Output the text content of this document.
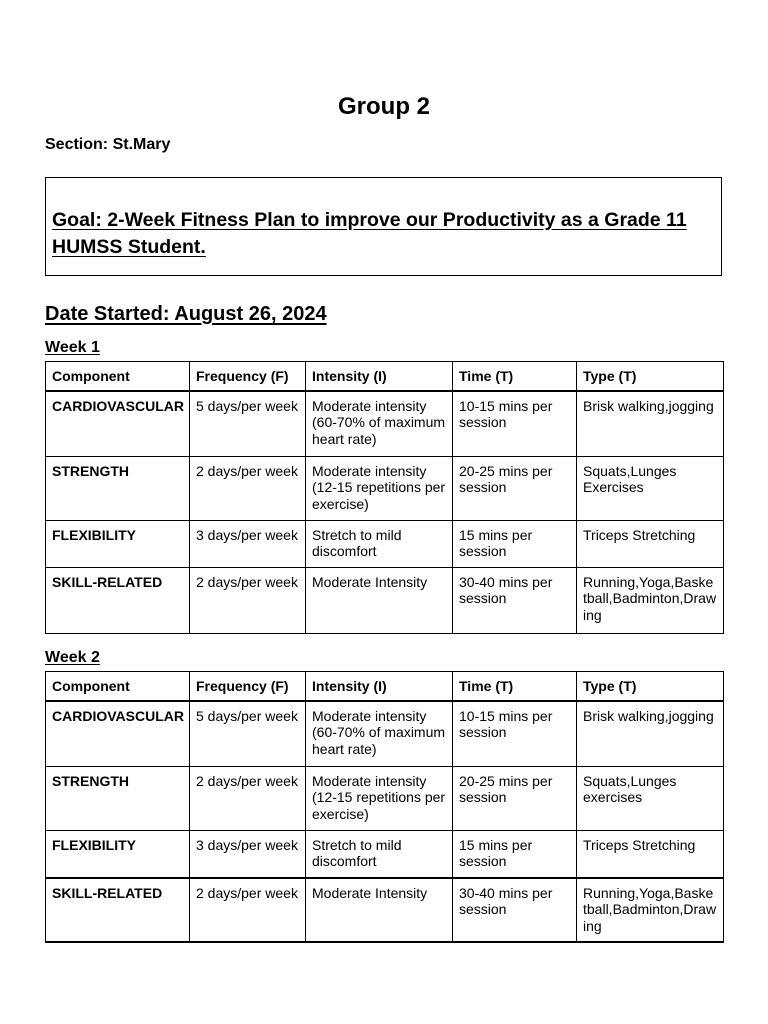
Group 2
Section: St.Mary
Goal: 2-Week Fitness Plan to improve our Productivity as a Grade 11 HUMSS Student.
Date Started: August 26, 2024
Week 1
Component	Frequency (F)	Intensity (I)	Time (T)	Type (T)
CARDIOVASCULAR	5 days/per week	Moderate intensity (60-70% of maximum heart rate)	10-15 mins per session	Brisk walking,jogging
STRENGTH	2 days/per week	Moderate intensity (12-15 repetitions per exercise)	20-25 mins per session	Squats,Lunges Exercises
FLEXIBILITY	3 days/per week	Stretch to mild discomfort	15 mins per session	Triceps Stretching
SKILL-RELATED	2 days/per week	Moderate Intensity	30-40 mins per session	Running,Yoga,Basketball,Badminton,Drawing
Week 2
Component	Frequency (F)	Intensity (I)	Time (T)	Type (T)
CARDIOVASCULAR	5 days/per week	Moderate intensity (60-70% of maximum heart rate)	10-15 mins per session	Brisk walking,jogging
STRENGTH	2 days/per week	Moderate intensity (12-15 repetitions per exercise)	20-25 mins per session	Squats,Lunges exercises
FLEXIBILITY	3 days/per week	Stretch to mild discomfort	15 mins per session	Triceps Stretching
SKILL-RELATED	2 days/per week	Moderate Intensity	30-40 mins per session	Running,Yoga,Basketball,Badminton,Drawing
